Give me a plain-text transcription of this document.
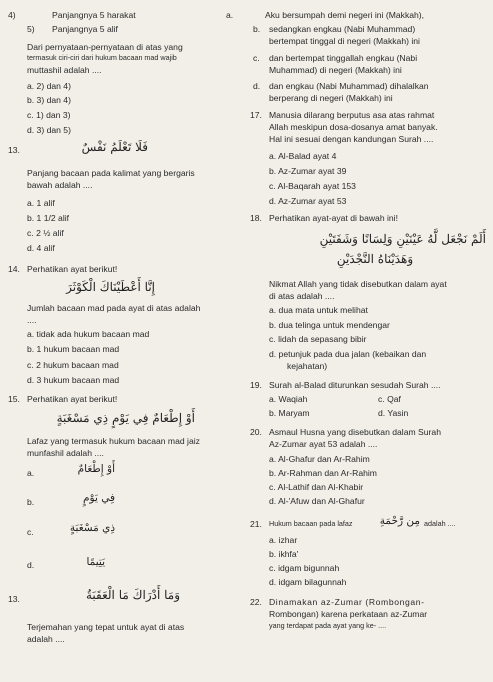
4)	Panjangnya 5 harakat
5) Panjangnya 5 alif
Dari pernyataan-pernyataan di atas yang
termasuk ciri-ciri dari hukum bacaan mad wajib
muttashil adalah ....
a. 2) dan 4)
b. 3) dan 4)
c. 1) dan 3)
d. 3) dan 5)
13.	فَلَا تَعْلَمُ نَفْسٌ
Panjang bacaan pada kalimat yang bergaris
bawah adalah ....
a. 1 alif
b. 1 1/2 alif
c. 2 ½ alif
d. 4 alif
14. Perhatikan ayat berikut!
إِنَّا أَعْطَيْنَاكَ الْكَوْثَرَ
Jumlah bacaan mad pada ayat di atas adalah
....
a. tidak ada hukum bacaan mad
b. 1 hukum bacaan mad
c. 2 hukum bacaan mad
d. 3 hukum bacaan mad
15. Perhatikan ayat berikut!
أَوْ إِطْعَامٌ فِي يَوْمٍ ذِي مَسْغَبَةٍ
Lafaz yang termasuk hukum bacaan mad jaiz
munfashil adalah ....
a.	أَوْ إِطْعَامٌ
b.	فِي يَوْمٍ
c.	ذِي مَسْغَبَةٍ
d.	يَتِيمًا
13.	وَمَا أَدْرَاكَ مَا الْعَقَبَةُ
Terjemahan yang tepat untuk ayat di atas
adalah ....
a.	Aku bersumpah demi negeri ini (Makkah),
b. sedangkan engkau (Nabi Muhammad)
bertempat tinggal di negeri (Makkah) ini
c. dan bertempat tinggallah engkau (Nabi
Muhammad) di negeri (Makkah) ini
d. dan engkau (Nabi Muhammad) dihalalkan
berperang di negeri (Makkah) ini
17. Manusia dilarang berputus asa atas rahmat
Allah meskipun dosa-dosanya amat banyak.
Hal ini sesuai dengan kandungan Surah ....
a. Al-Balad ayat 4
b. Az-Zumar ayat 39
c. Al-Baqarah ayat 153
d. Az-Zumar ayat 53
18. Perhatikan ayat-ayat di bawah ini!
أَلَمْ نَجْعَل لَّهُ عَيْنَيْنِ وَلِسَانًا وَشَفَتَيْنِ
وَهَدَيْنَاهُ النَّجْدَيْنِ
Nikmat Allah yang tidak disebutkan dalam ayat
di atas adalah ....
a. dua mata untuk melihat
b. dua telinga untuk mendengar
c. lidah da sepasang bibir
d. petunjuk pada dua jalan (kebaikan dan
kejahatan)
19. Surah al-Balad diturunkan sesudah Surah ....
a. Waqiah
b. Maryam
c. Qaf
d. Yasin
20. Asmaul Husna yang disebutkan dalam Surah
Az-Zumar ayat 53 adalah ....
a. Al-Ghafur dan Ar-Rahim
b. Ar-Rahman dan Ar-Rahim
c. Al-Lathif dan Al-Khabir
d. Al-'Afuw dan Al-Ghafur
21. Hukum bacaan pada lafaz	مِن رَّحْمَةِ adalah ....
a. izhar
b. ikhfa'
c. idgam bigunnah
d. idgam bilagunnah
22. Dinamakan az-Zumar (Rombongan-
Rombongan) karena perkataan az-Zumar
yang terdapat pada ayat yang ke- ....
